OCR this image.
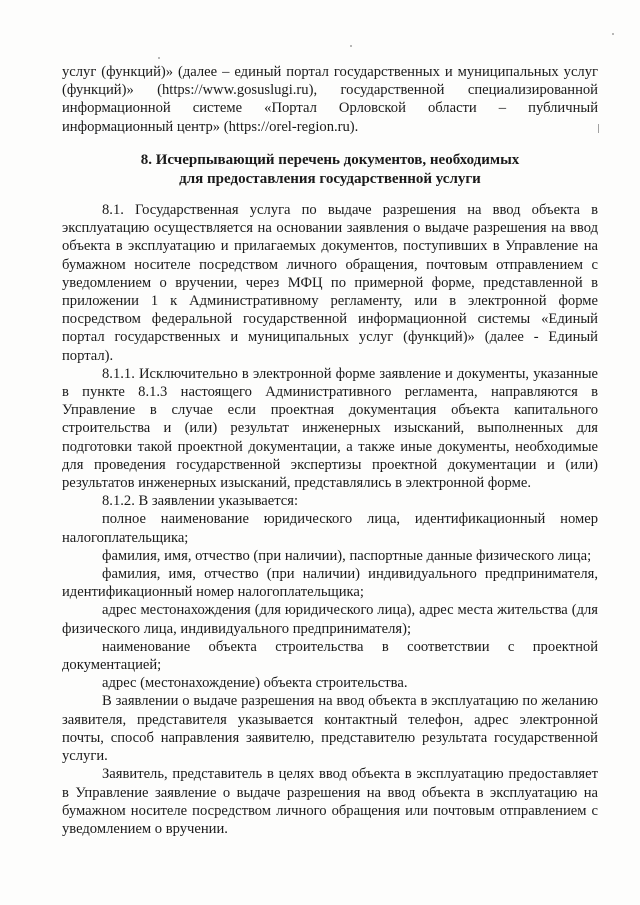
услуг (функций)» (далее – единый портал государственных и муниципальных услуг (функций)» (https://www.gosuslugi.ru), государственной специализированной информационной системе «Портал Орловской области – публичный информационный центр» (https://orel-region.ru).

8. Исчерпывающий перечень документов, необходимых
для предоставления государственной услуги

8.1. Государственная услуга по выдаче разрешения на ввод объекта в эксплуатацию осуществляется на основании заявления о выдаче разрешения на ввод объекта в эксплуатацию и прилагаемых документов, поступивших в Управление на бумажном носителе посредством личного обращения, почтовым отправлением с уведомлением о вручении, через МФЦ по примерной форме, представленной в приложении 1 к Административному регламенту, или в электронной форме посредством федеральной государственной информационной системы «Единый портал государственных и муниципальных услуг (функций)» (далее - Единый портал).

8.1.1. Исключительно в электронной форме заявление и документы, указанные в пункте 8.1.3 настоящего Административного регламента, направляются в Управление в случае если проектная документация объекта капитального строительства и (или) результат инженерных изысканий, выполненных для подготовки такой проектной документации, а также иные документы, необходимые для проведения государственной экспертизы проектной документации и (или) результатов инженерных изысканий, представлялись в электронной форме.

8.1.2. В заявлении указывается:

полное наименование юридического лица, идентификационный номер налогоплательщика;

фамилия, имя, отчество (при наличии), паспортные данные физического лица;

фамилия, имя, отчество (при наличии) индивидуального предпринимателя, идентификационный номер налогоплательщика;

адрес местонахождения (для юридического лица), адрес места жительства (для физического лица, индивидуального предпринимателя);

наименование объекта строительства в соответствии с проектной документацией;

адрес (местонахождение) объекта строительства.

В заявлении о выдаче разрешения на ввод объекта в эксплуатацию по желанию заявителя, представителя указывается контактный телефон, адрес электронной почты, способ направления заявителю, представителю результата государственной услуги.

Заявитель, представитель в целях ввод объекта в эксплуатацию предоставляет в Управление заявление о выдаче разрешения на ввод объекта в эксплуатацию на бумажном носителе посредством личного обращения или почтовым отправлением с уведомлением о вручении.
